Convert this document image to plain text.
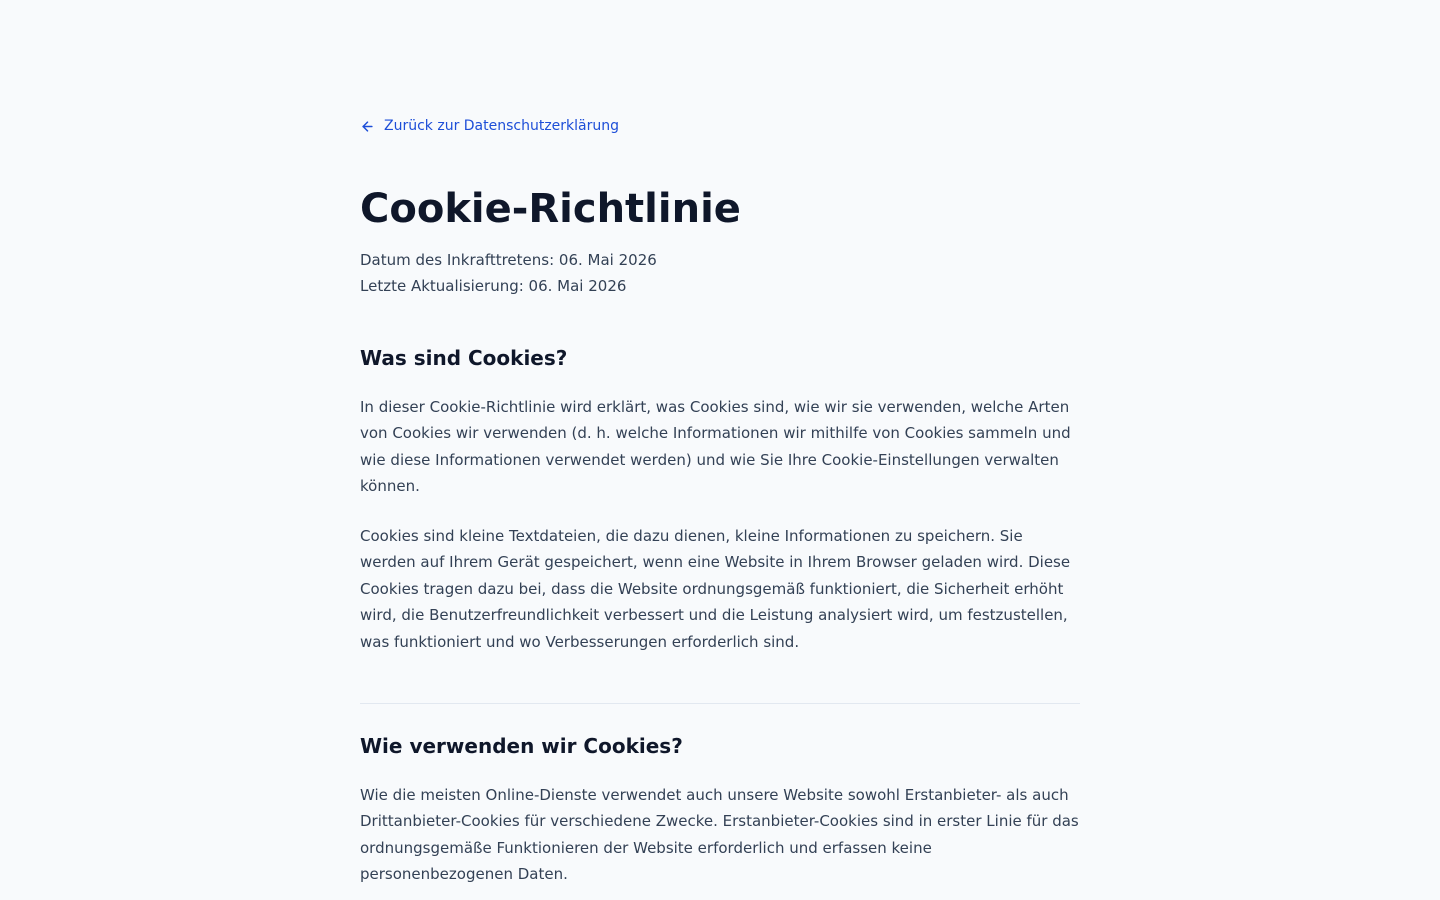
Zurück zur Datenschutzerklärung
Cookie-Richtlinie
Datum des Inkrafttretens: 06. Mai 2026
Letzte Aktualisierung: 06. Mai 2026
Was sind Cookies?

In dieser Cookie-Richtlinie wird erklärt, was Cookies sind, wie wir sie verwenden, welche Arten von Cookies wir verwenden (d. h. welche Informationen wir mithilfe von Cookies sammeln und wie diese Informationen verwendet werden) und wie Sie Ihre Cookie-Einstellungen verwalten können.

Cookies sind kleine Textdateien, die dazu dienen, kleine Informationen zu speichern. Sie werden auf Ihrem Gerät gespeichert, wenn eine Website in Ihrem Browser geladen wird. Diese Cookies tragen dazu bei, dass die Website ordnungsgemäß funktioniert, die Sicherheit erhöht wird, die Benutzerfreundlichkeit verbessert und die Leistung analysiert wird, um festzustellen, was funktioniert und wo Verbesserungen erforderlich sind.

Wie verwenden wir Cookies?

Wie die meisten Online-Dienste verwendet auch unsere Website sowohl Erstanbieter- als auch Drittanbieter-Cookies für verschiedene Zwecke. Erstanbieter-Cookies sind in erster Linie für das ordnungsgemäße Funktionieren der Website erforderlich und erfassen keine personenbezogenen Daten.
